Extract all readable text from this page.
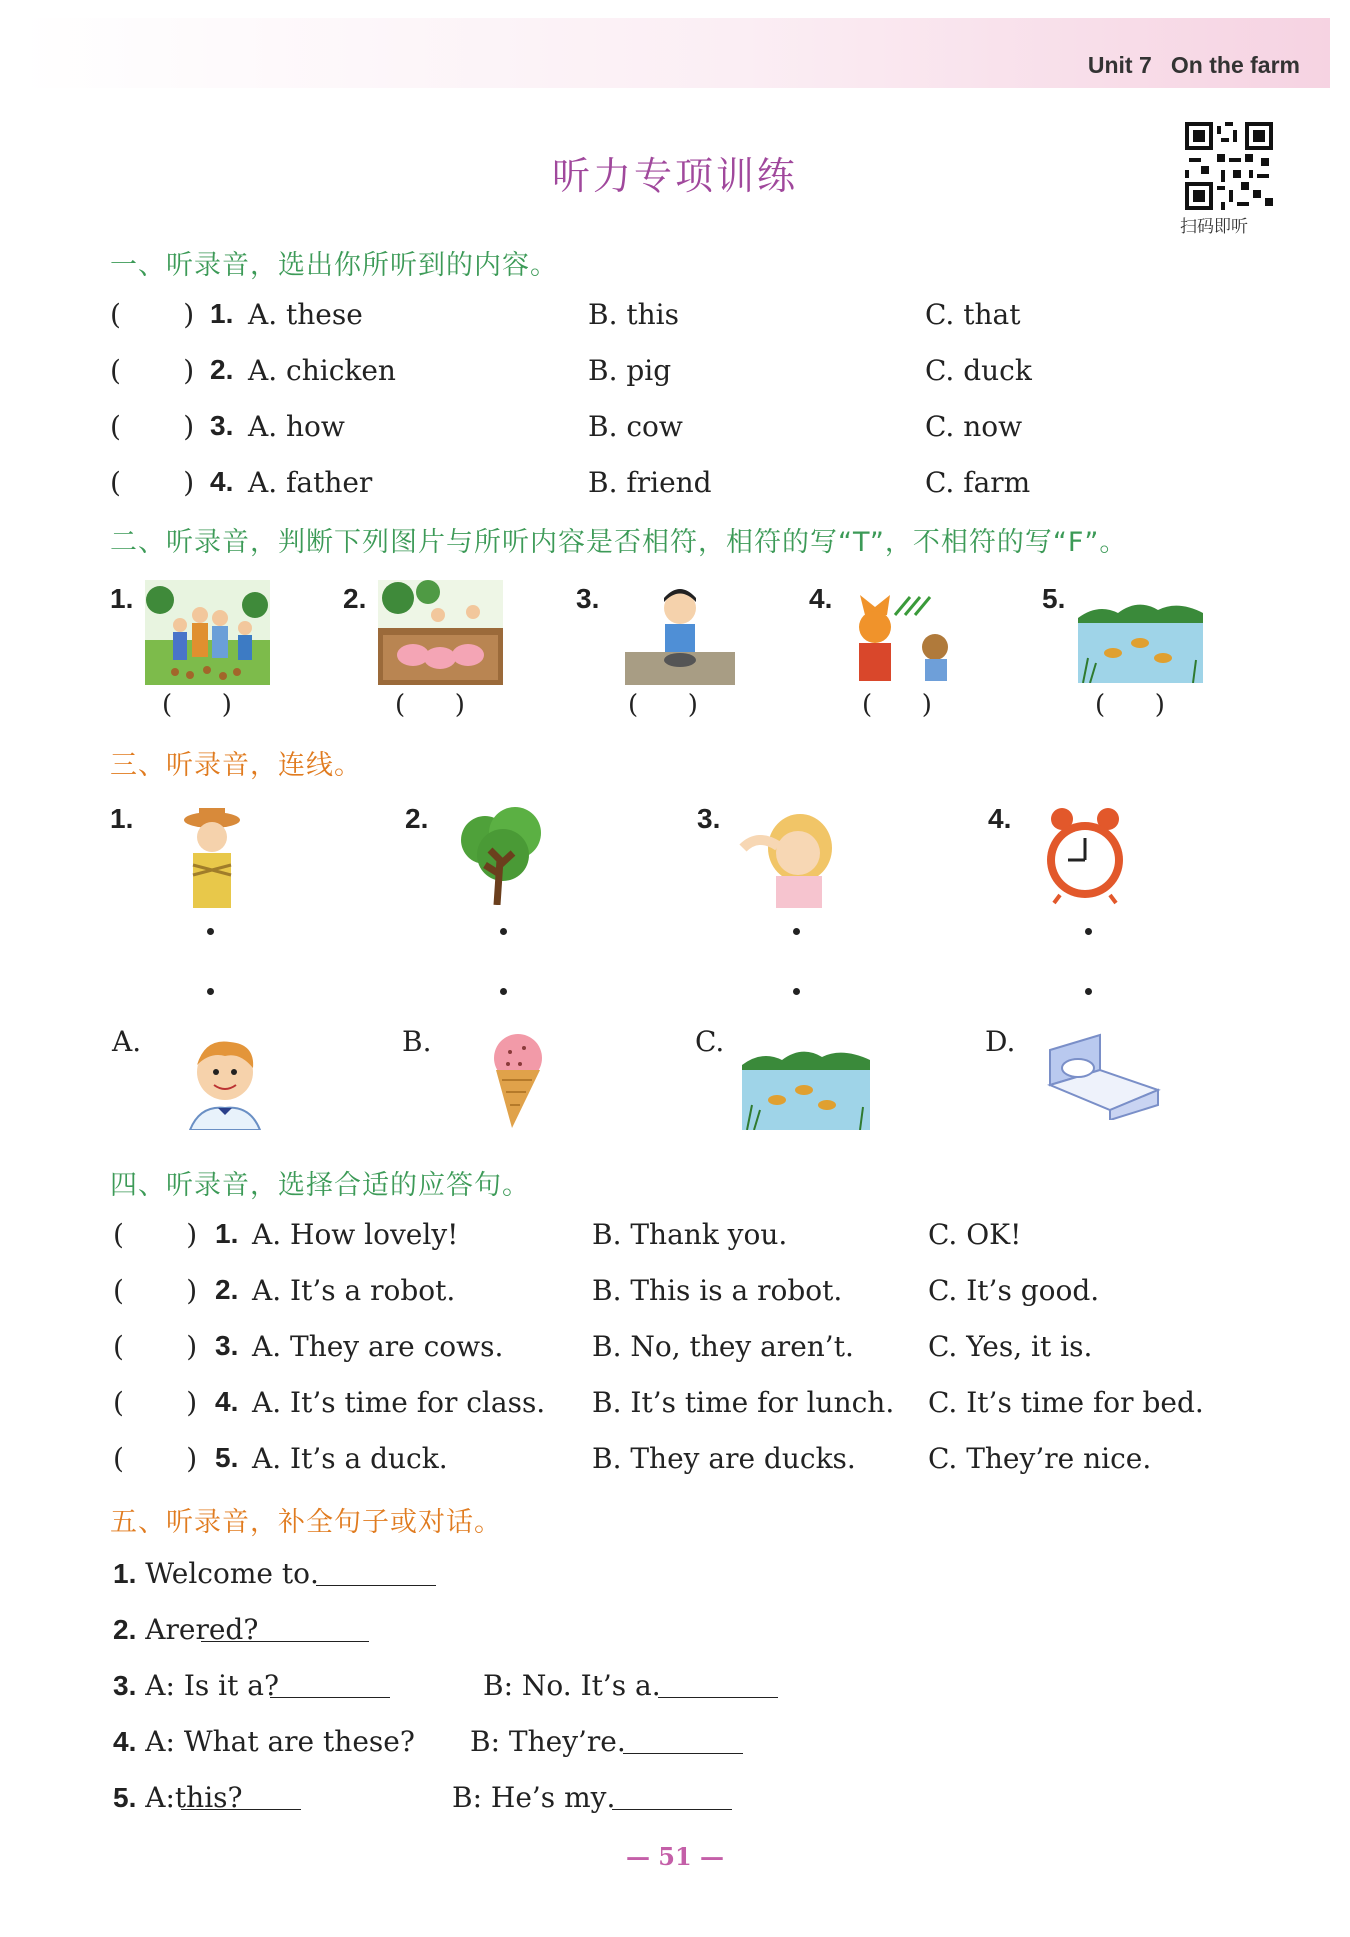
Unit 7 On the farm
听力专项训练
扫码即听
一、听录音，选出你所听到的内容。
(       ) 1. A. these	B. this	C. that
(       ) 2. A. chicken	B. pig	C. duck
(       ) 3. A. how	B. cow	C. now
(       ) 4. A. father	B. friend	C. farm
二、听录音，判断下列图片与所听内容是否相符，相符的写“T”，不相符的写“F”。
1.
(      )
2.
(      )
3.
(      )
4.
(      )
5.
(      )
三、听录音，连线。
1.	2.	3.	4.
A.	B.	C.	D.
四、听录音，选择合适的应答句。
(       ) 1. A. How lovely!	B. Thank you.	C. OK!
(       ) 2. A. It’s a robot.	B. This is a robot.	C. It’s good.
(       ) 3. A. They are cows.	B. No, they aren’t.	C. Yes, it is.
(       ) 4. A. It’s time for class. B. It’s time for lunch. C. It’s time for bed.
(       ) 5. A. It’s a duck.	B. They are ducks.	C. They’re nice.
五、听录音，补全句子或对话。
1. Welcome to
.
2. Are
red
?
3. A: Is it a
?	B: No. It’s a
.
4. A: What are these? B: They’re
.
5. A:
this?	B: He’s my
.
— 51 —
